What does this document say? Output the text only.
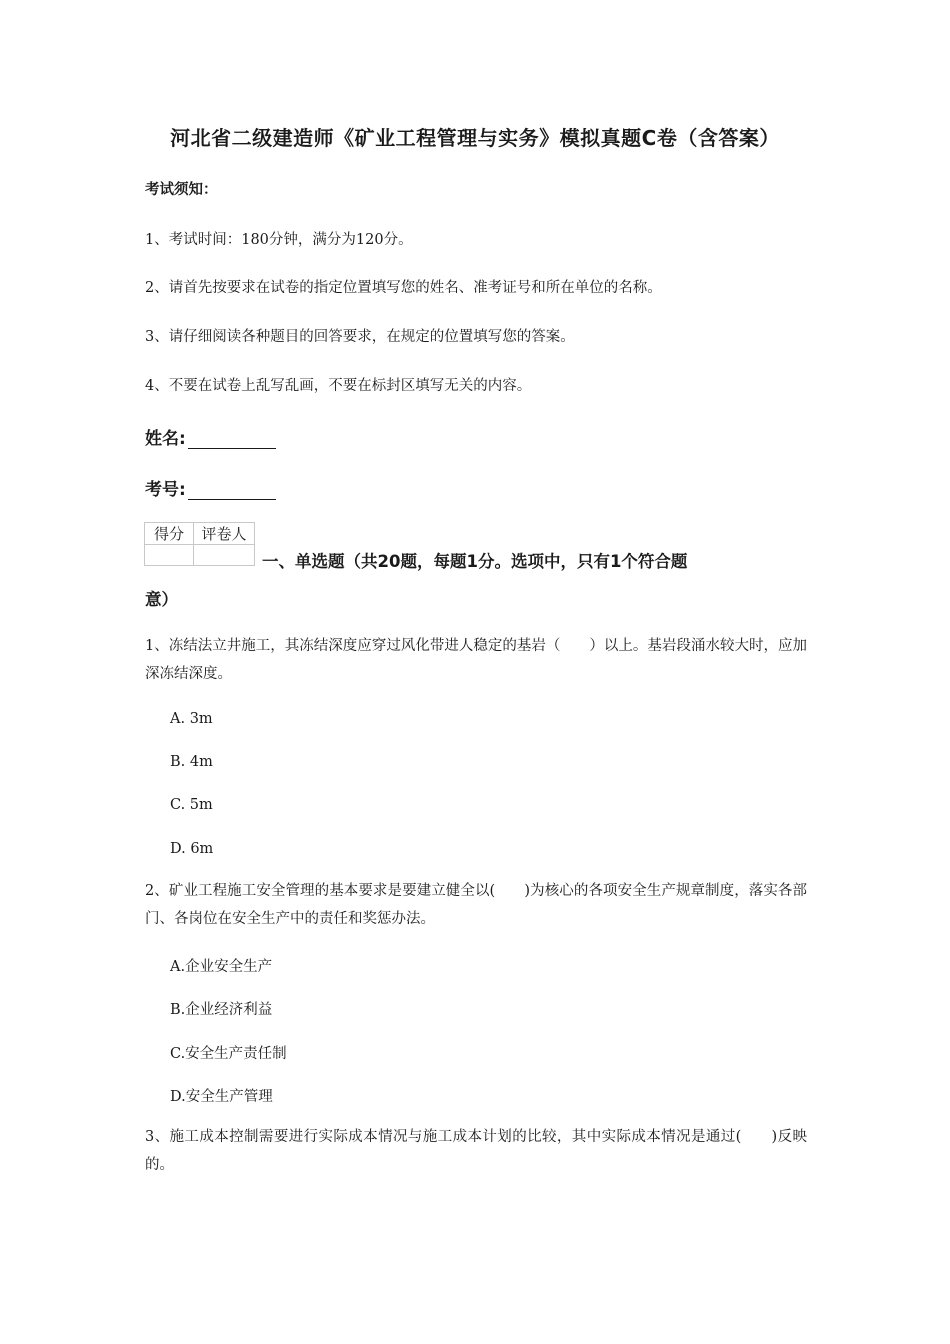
河北省二级建造师《矿业工程管理与实务》模拟真题C卷（含答案）
考试须知：
1、考试时间：180分钟，满分为120分。
2、请首先按要求在试卷的指定位置填写您的姓名、准考证号和所在单位的名称。
3、请仔细阅读各种题目的回答要求，在规定的位置填写您的答案。
4、不要在试卷上乱写乱画，不要在标封区填写无关的内容。
姓名:
考号:
得分	评卷人

一、单选题（共20题，每题1分。选项中，只有1个符合题
意）
1、冻结法立井施工，其冻结深度应穿过风化带进人稳定的基岩（　　）以上。基岩段涌水较大时，应加深冻结深度。
A. 3m
B. 4m
C. 5m
D. 6m
2、矿业工程施工安全管理的基本要求是要建立健全以(　　)为核心的各项安全生产规章制度，落实各部门、各岗位在安全生产中的责任和奖惩办法。
A.企业安全生产
B.企业经济利益
C.安全生产责任制
D.安全生产管理
3、施工成本控制需要进行实际成本情况与施工成本计划的比较，其中实际成本情况是通过(　　)反映的。
